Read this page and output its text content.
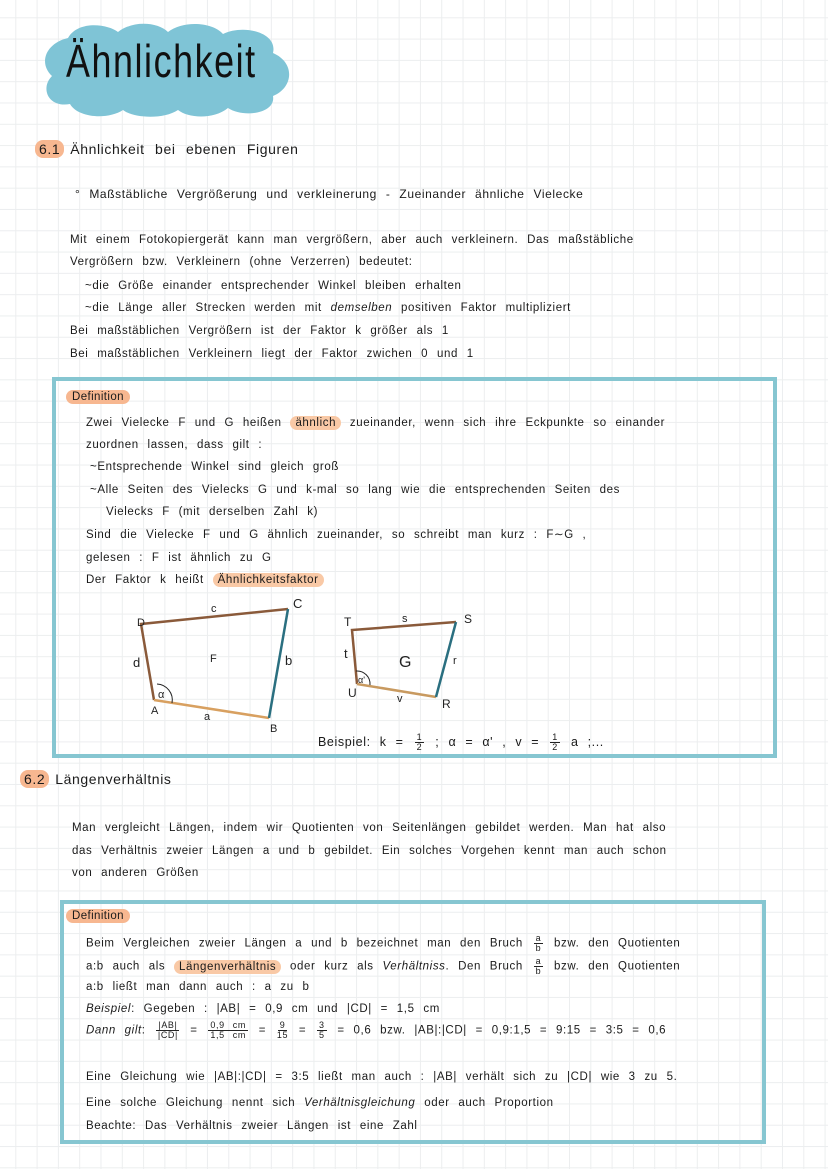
Ähnlichkeit
6.1 Ähnlichkeit bei ebenen Figuren
° Maßstäbliche Vergrößerung und verkleinerung - Zueinander ähnliche Vielecke
Mit einem Fotokopiergerät kann man vergrößern, aber auch verkleinern. Das maßstäbliche
Vergrößern bzw. Verkleinern (ohne Verzerren) bedeutet:
~die Größe einander entsprechender Winkel bleiben erhalten
~die Länge aller Strecken werden mit demselben positiven Faktor multipliziert
Bei maßstäblichen Vergrößern ist der Faktor k größer als 1
Bei maßstäblichen Verkleinern liegt der Faktor zwichen 0 und 1
Definition
Zwei Vielecke F und G heißen ähnlich zueinander, wenn sich ihre Eckpunkte so einander
zuordnen lassen, dass gilt :
~Entsprechende Winkel sind gleich groß
~Alle Seiten des Vielecks G und k-mal so lang wie die entsprechenden Seiten des
Vielecks F (mit derselben Zahl k)
Sind die Vielecke F und G ähnlich zueinander, so schreibt man kurz : F∼G ,
gelesen : F ist ähnlich zu G
Der Faktor k heißt Ähnlichkeitsfaktor
α
A
B
C
D
a
b
c
d	F
α'
U
R
S
T
v
r
s
t
G
Beispiel: $k = \frac{1}{2}$ ; α = α' , $v = \frac{1}{2}$ a ;...
6.2 Längenverhältnis
Man vergleicht Längen, indem wir Quotienten von Seitenlängen gebildet werden. Man hat also
das Verhältnis zweier Längen a und b gebildet. Ein solches Vorgehen kennt man auch schon
von anderen Größen
Definition
Beim Vergleichen zweier Längen a und b bezeichnet man den Bruch $\frac{a}{b}$ bzw. den Quotienten
a:b auch als Längenverhältnis oder kurz als Verhältniss. Den Bruch $\frac{a}{b}$ bzw. den Quotienten
a:b ließt man dann auch : a zu b
Beispiel: Gegeben : |AB| = 0,9 cm und |CD| = 1,5 cm
Dann gilt: $\frac{|AB|}{|CD|} = \frac{0,9 cm}{1,5 cm} = \frac{9}{15} = \frac{3}{5} = 0,6$ bzw. |AB|:|CD| = 0,9:1,5 = 9:15 = 3:5 = 0,6
Eine Gleichung wie |AB|:|CD| = 3:5 ließt man auch : |AB| verhält sich zu |CD| wie 3 zu 5.
Eine solche Gleichung nennt sich Verhältnisgleichung oder auch Proportion
Beachte: Das Verhältnis zweier Längen ist eine Zahl
